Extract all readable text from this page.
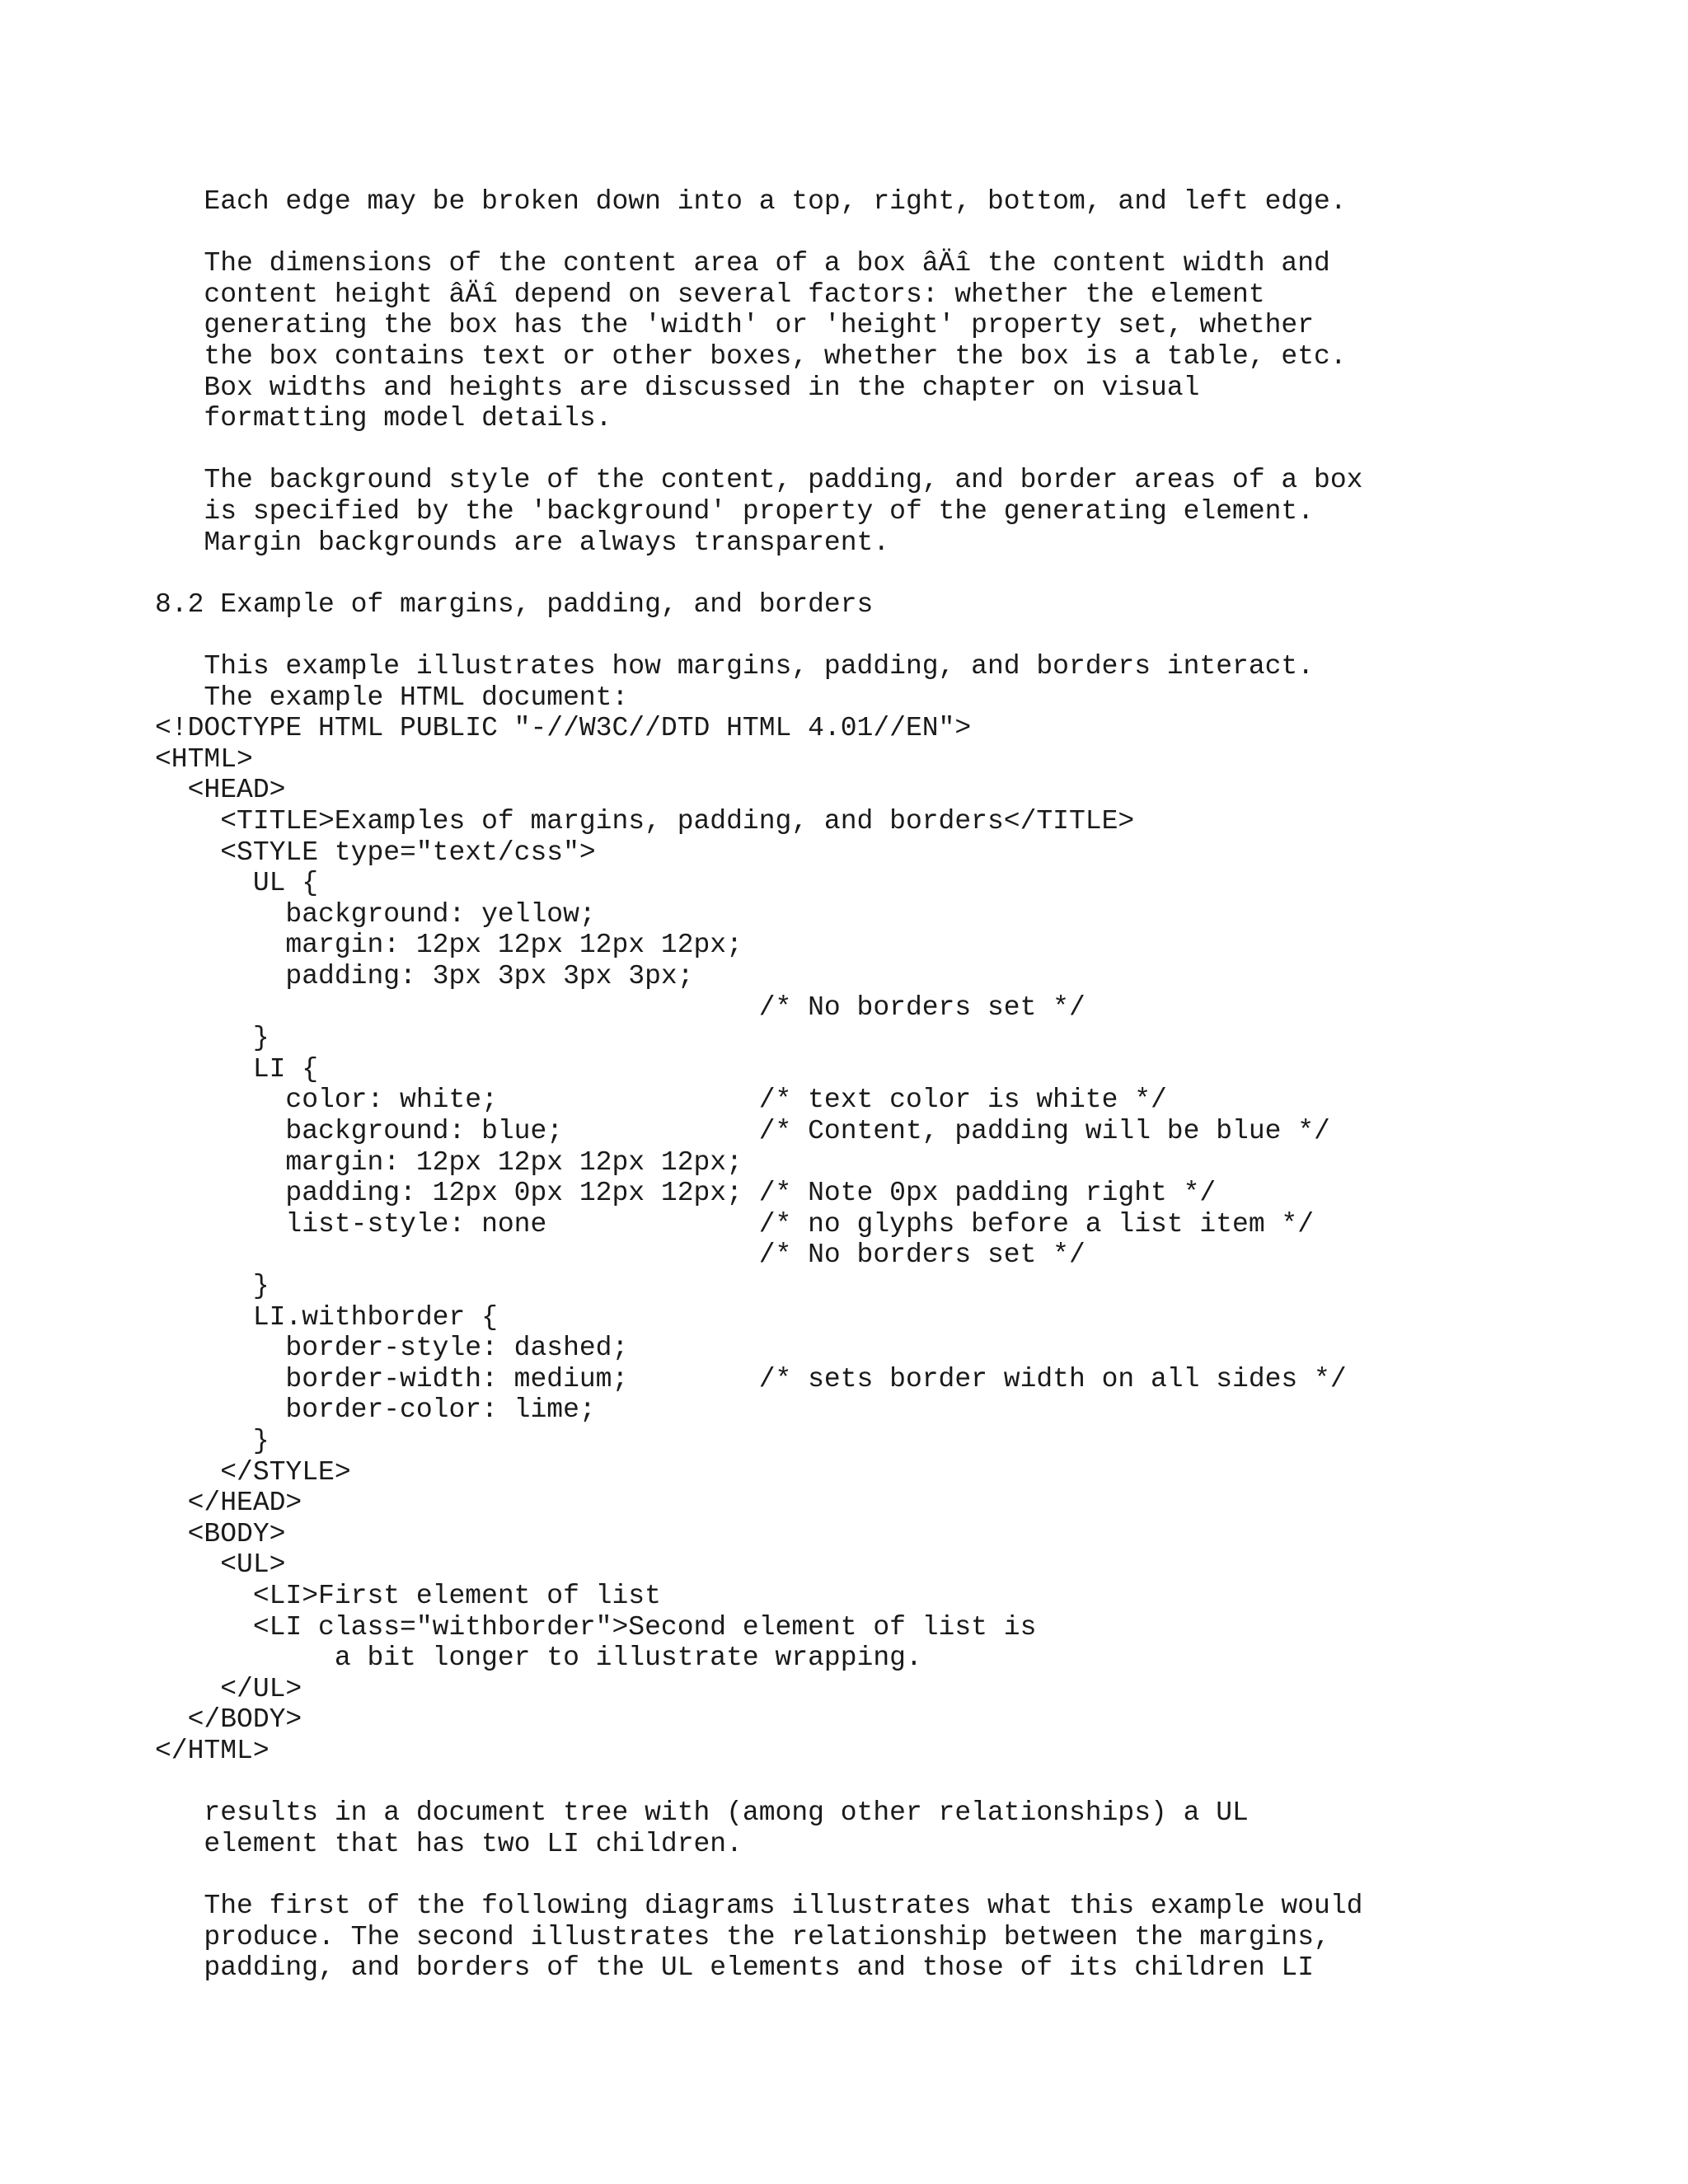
Each edge may be broken down into a top, right, bottom, and left edge.

The dimensions of the content area of a box âÄî the content width and

content height âÄî depend on several factors: whether the element

generating the box has the 'width' or 'height' property set, whether

the box contains text or other boxes, whether the box is a table, etc.

Box widths and heights are discussed in the chapter on visual

formatting model details.

The background style of the content, padding, and border areas of a box

is specified by the 'background' property of the generating element.

Margin backgrounds are always transparent.

8.2 Example of margins, padding, and borders

This example illustrates how margins, padding, and borders interact.

The example HTML document:

<!DOCTYPE HTML PUBLIC "-//W3C//DTD HTML 4.01//EN">

<HTML>

<HEAD>

<TITLE>Examples of margins, padding, and borders</TITLE>

<STYLE type="text/css">

UL {

background: yellow;

margin: 12px 12px 12px 12px;

padding: 3px 3px 3px 3px;

/* No borders set */

}

LI {

color: white;                /* text color is white */

background: blue;            /* Content, padding will be blue */

margin: 12px 12px 12px 12px;

padding: 12px 0px 12px 12px; /* Note 0px padding right */

list-style: none             /* no glyphs before a list item */

/* No borders set */

}

LI.withborder {

border-style: dashed;

border-width: medium;        /* sets border width on all sides */

border-color: lime;

}

</STYLE>

</HEAD>

<BODY>

<UL>

<LI>First element of list

<LI class="withborder">Second element of list is

a bit longer to illustrate wrapping.

</UL>

</BODY>

</HTML>

results in a document tree with (among other relationships) a UL

element that has two LI children.

The first of the following diagrams illustrates what this example would

produce. The second illustrates the relationship between the margins,

padding, and borders of the UL elements and those of its children LI
